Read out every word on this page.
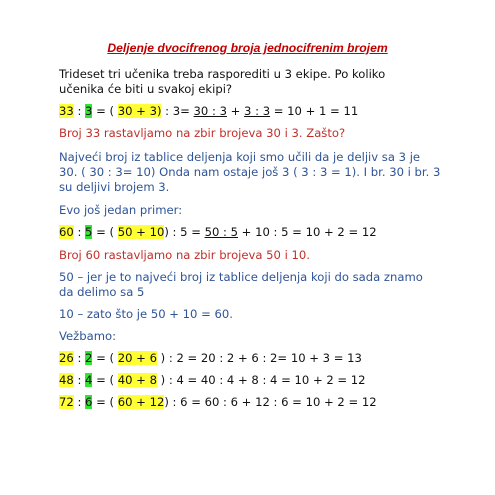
Deljenje dvocifrenog broja jednocifrenim brojem
Trideset tri učenika treba rasporediti u 3 ekipe. Po koliko
učenika će biti u svakoj ekipi?
33 : 3 = ( 30 + 3) : 3= 30 : 3 + 3 : 3 = 10 + 1 = 11
Broj 33 rastavljamo na zbir brojeva 30 i 3. Zašto?
Najveći broj iz tablice deljenja koji smo učili da je deljiv sa 3 je
30. ( 30 : 3= 10) Onda nam ostaje još 3 ( 3 : 3 = 1). I br. 30 i br. 3
su deljivi brojem 3.
Evo još jedan primer:
60 : 5 = ( 50 + 10) : 5 = 50 : 5 + 10 : 5 = 10 + 2 = 12
Broj 60 rastavljamo na zbir brojeva 50 i 10.
50 – jer je to najveći broj iz tablice deljenja koji do sada znamo
da delimo sa 5
10 – zato što je 50 + 10 = 60.
Vežbamo:
26 : 2 = ( 20 + 6 ) : 2 = 20 : 2 + 6 : 2= 10 + 3 = 13
48 : 4 = ( 40 + 8 ) : 4 = 40 : 4 + 8 : 4 = 10 + 2 = 12
72 : 6 = ( 60 + 12) : 6 = 60 : 6 + 12 : 6 = 10 + 2 = 12
